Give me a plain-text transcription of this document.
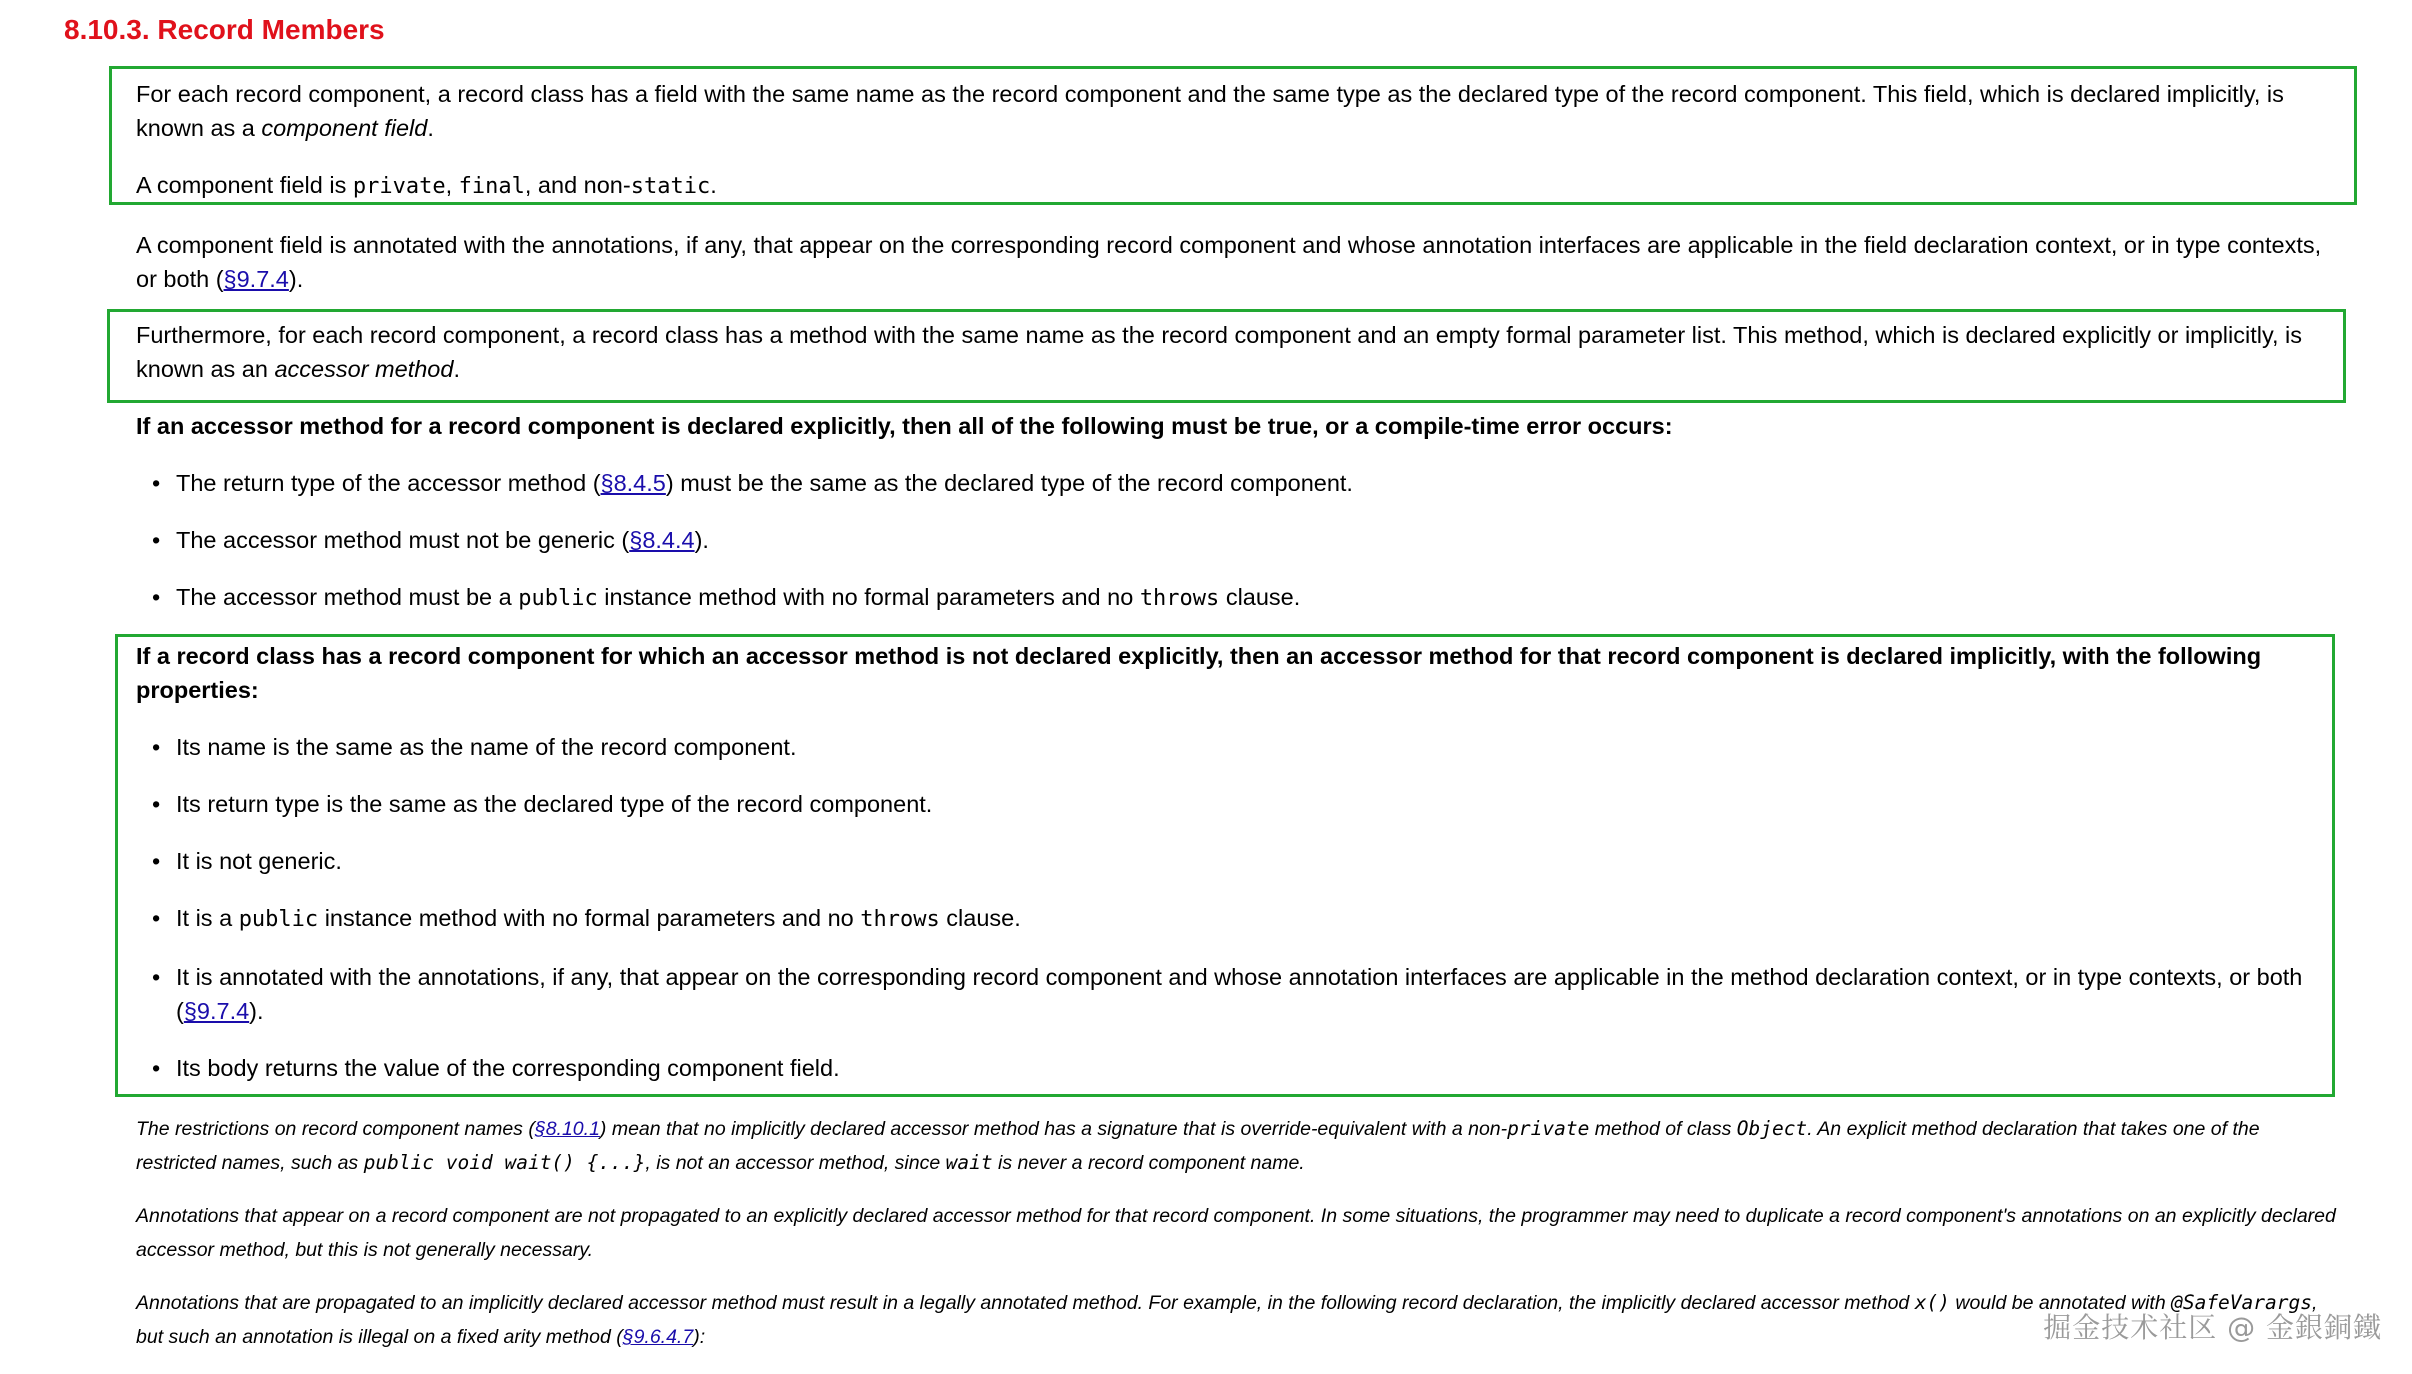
8.10.3. Record Members

For each record component, a record class has a field with the same name as the record component and the same type as the declared type of the record component. This field, which is declared implicitly, is known as a component field.

A component field is private, final, and non-static.

A component field is annotated with the annotations, if any, that appear on the corresponding record component and whose annotation interfaces are applicable in the field declaration context, or in type contexts, or both (§9.7.4).

Furthermore, for each record component, a record class has a method with the same name as the record component and an empty formal parameter list. This method, which is declared explicitly or implicitly, is known as an accessor method.

If an accessor method for a record component is declared explicitly, then all of the following must be true, or a compile-time error occurs:

• The return type of the accessor method (§8.4.5) must be the same as the declared type of the record component.
• The accessor method must not be generic (§8.4.4).
• The accessor method must be a public instance method with no formal parameters and no throws clause.

If a record class has a record component for which an accessor method is not declared explicitly, then an accessor method for that record component is declared implicitly, with the following properties:

• Its name is the same as the name of the record component.
• Its return type is the same as the declared type of the record component.
• It is not generic.
• It is a public instance method with no formal parameters and no throws clause.
• It is annotated with the annotations, if any, that appear on the corresponding record component and whose annotation interfaces are applicable in the method declaration context, or in type contexts, or both (§9.7.4).
• Its body returns the value of the corresponding component field.

The restrictions on record component names (§8.10.1) mean that no implicitly declared accessor method has a signature that is override-equivalent with a non-private method of class Object. An explicit method declaration that takes one of the restricted names, such as public void wait() {...}, is not an accessor method, since wait is never a record component name.

Annotations that appear on a record component are not propagated to an explicitly declared accessor method for that record component. In some situations, the programmer may need to duplicate a record component's annotations on an explicitly declared accessor method, but this is not generally necessary.

Annotations that are propagated to an implicitly declared accessor method must result in a legally annotated method. For example, in the following record declaration, the implicitly declared accessor method x() would be annotated with @SafeVarargs, but such an annotation is illegal on a fixed arity method (§9.6.4.7):	掘金技术社区 @ 金銀銅鐵
